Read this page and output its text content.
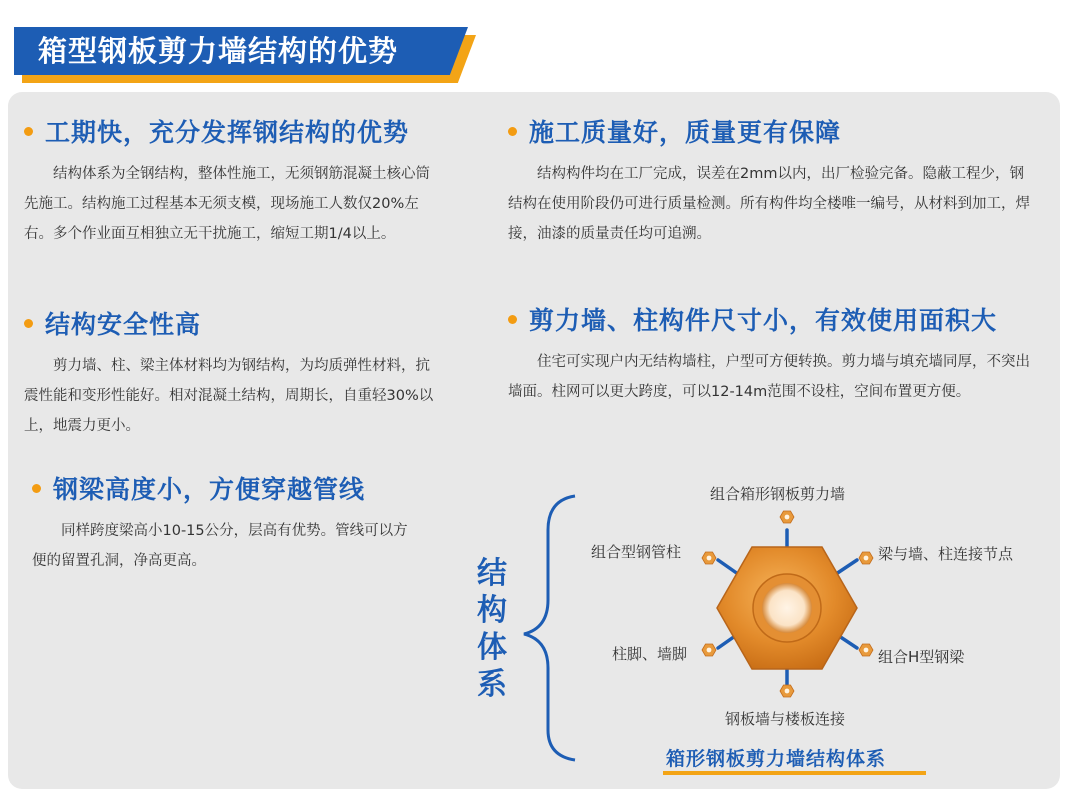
箱型钢板剪力墙结构的优势
工期快，充分发挥钢结构的优势
结构体系为全钢结构，整体性施工，无须钢筋混凝土核心筒先施工。结构施工过程基本无须支模，现场施工人数仅20%左右。多个作业面互相独立无干扰施工，缩短工期1/4以上。
施工质量好，质量更有保障
结构构件均在工厂完成，误差在2mm以内，出厂检验完备。隐蔽工程少，钢结构在使用阶段仍可进行质量检测。所有构件均全楼唯一编号，从材料到加工，焊接，油漆的质量责任均可追溯。
结构安全性高
剪力墙、柱、梁主体材料均为钢结构，为均质弹性材料，抗震性能和变形性能好。相对混凝土结构，周期长，自重轻30%以上，地震力更小。
剪力墙、柱构件尺寸小，有效使用面积大
住宅可实现户内无结构墙柱，户型可方便转换。剪力墙与填充墙同厚，不突出墙面。柱网可以更大跨度，可以12-14m范围不设柱，空间布置更方便。
钢梁高度小，方便穿越管线
同样跨度梁高小10-15公分，层高有优势。管线可以方便的留置孔洞，净高更高。	结
构
体
系
组合箱形钢板剪力墙
梁与墙、柱连接节点
组合H型钢梁
钢板墙与楼板连接
柱脚、墙脚
组合型钢管柱
箱形钢板剪力墙结构体系
